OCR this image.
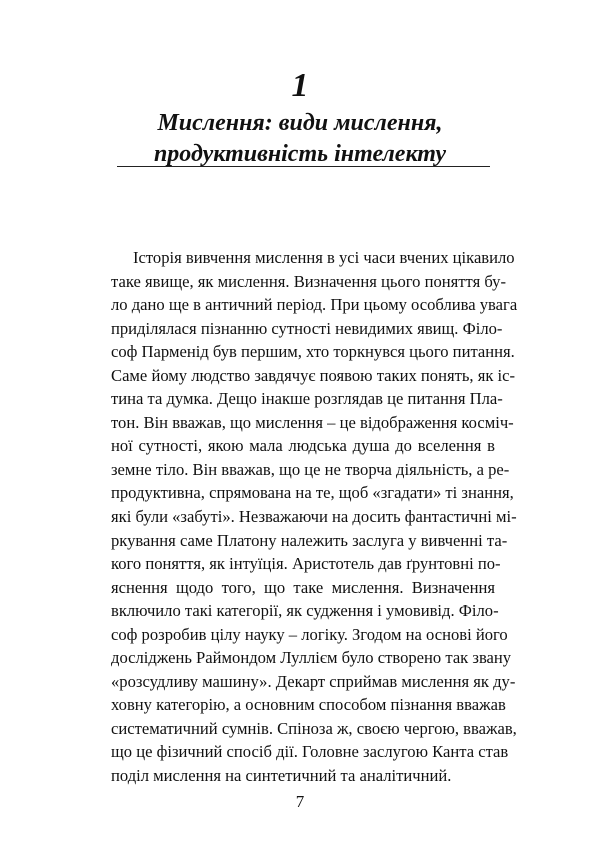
1
Мислення: види мислення,
продуктивність інтелекту
Історія вивчення мислення в усі часи вчених цікавило
таке явище, як мислення. Визначення цього поняття бу-
ло дано ще в античний період. При цьому особлива увага
приділялася пізнанню сутності невидимих явищ. Філо-
соф Парменід був першим, хто торкнувся цього питання.
Саме йому людство завдячує появою таких понять, як іс-
тина та думка. Дещо інакше розглядав це питання Пла-
тон. Він вважав, що мислення – це відображення косміч-
ної сутності, якою мала людська душа до вселення в
земне тіло. Він вважав, що це не творча діяльність, а ре-
продуктивна, спрямована на те, щоб «згадати» ті знання,
які були «забуті». Незважаючи на досить фантастичні мі-
ркування саме Платону належить заслуга у вивченні та-
кого поняття, як інтуїція. Аристотель дав ґрунтовні по-
яснення щодо того, що таке мислення. Визначення
включило такі категорії, як судження і умовивід. Філо-
соф розробив цілу науку – логіку. Згодом на основі його
досліджень Раймондом Луллієм було створено так звану
«розсудливу машину». Декарт сприймав мислення як ду-
ховну категорію, а основним способом пізнання вважав
систематичний сумнів. Спіноза ж, своєю чергою, вважав,
що це фізичний спосіб дії. Головне заслугою Канта став
поділ мислення на синтетичний та аналітичний.
7
